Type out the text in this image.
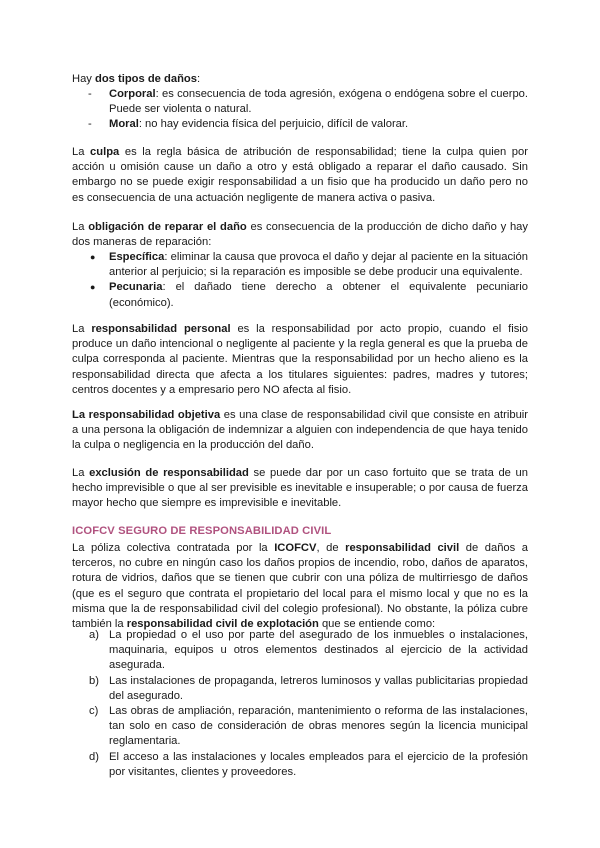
Hay dos tipos de daños:

- Corporal: es consecuencia de toda agresión, exógena o endógena sobre el cuerpo. Puede ser violenta o natural.
- Moral: no hay evidencia física del perjuicio, difícil de valorar.

La culpa es la regla básica de atribución de responsabilidad; tiene la culpa quien por acción u omisión cause un daño a otro y está obligado a reparar el daño causado. Sin embargo no se puede exigir responsabilidad a un fisio que ha producido un daño pero no es consecuencia de una actuación negligente de manera activa o pasiva.

La obligación de reparar el daño es consecuencia de la producción de dicho daño y hay dos maneras de reparación:

● Específica: eliminar la causa que provoca el daño y dejar al paciente en la situación anterior al perjuicio; si la reparación es imposible se debe producir una equivalente.
● Pecunaria: el dañado tiene derecho a obtener el equivalente pecuniario (económico).

La responsabilidad personal es la responsabilidad por acto propio, cuando el fisio produce un daño intencional o negligente al paciente y la regla general es que la prueba de culpa corresponda al paciente. Mientras que la responsabilidad por un hecho alieno es la responsabilidad directa que afecta a los titulares siguientes: padres, madres y tutores; centros docentes y a empresario pero NO afecta al fisio.

La responsabilidad objetiva es una clase de responsabilidad civil que consiste en atribuir a una persona la obligación de indemnizar a alguien con independencia de que haya tenido la culpa o negligencia en la producción del daño.

La exclusión de responsabilidad se puede dar por un caso fortuito que se trata de un hecho imprevisible o que al ser previsible es inevitable e insuperable; o por causa de fuerza mayor hecho que siempre es imprevisible e inevitable.

ICOFCV SEGURO DE RESPONSABILIDAD CIVIL

La póliza colectiva contratada por la ICOFCV, de responsabilidad civil de daños a terceros, no cubre en ningún caso los daños propios de incendio, robo, daños de aparatos, rotura de vidrios, daños que se tienen que cubrir con una póliza de multirriesgo de daños (que es el seguro que contrata el propietario del local para el mismo local y que no es la misma que la de responsabilidad civil del colegio profesional). No obstante, la póliza cubre también la responsabilidad civil de explotación que se entiende como:

a) La propiedad o el uso por parte del asegurado de los inmuebles o instalaciones, maquinaria, equipos u otros elementos destinados al ejercicio de la actividad asegurada.
b) Las instalaciones de propaganda, letreros luminosos y vallas publicitarias propiedad del asegurado.
c) Las obras de ampliación, reparación, mantenimiento o reforma de las instalaciones, tan solo en caso de consideración de obras menores según la licencia municipal reglamentaria.
d) El acceso a las instalaciones y locales empleados para el ejercicio de la profesión por visitantes, clientes y proveedores.
